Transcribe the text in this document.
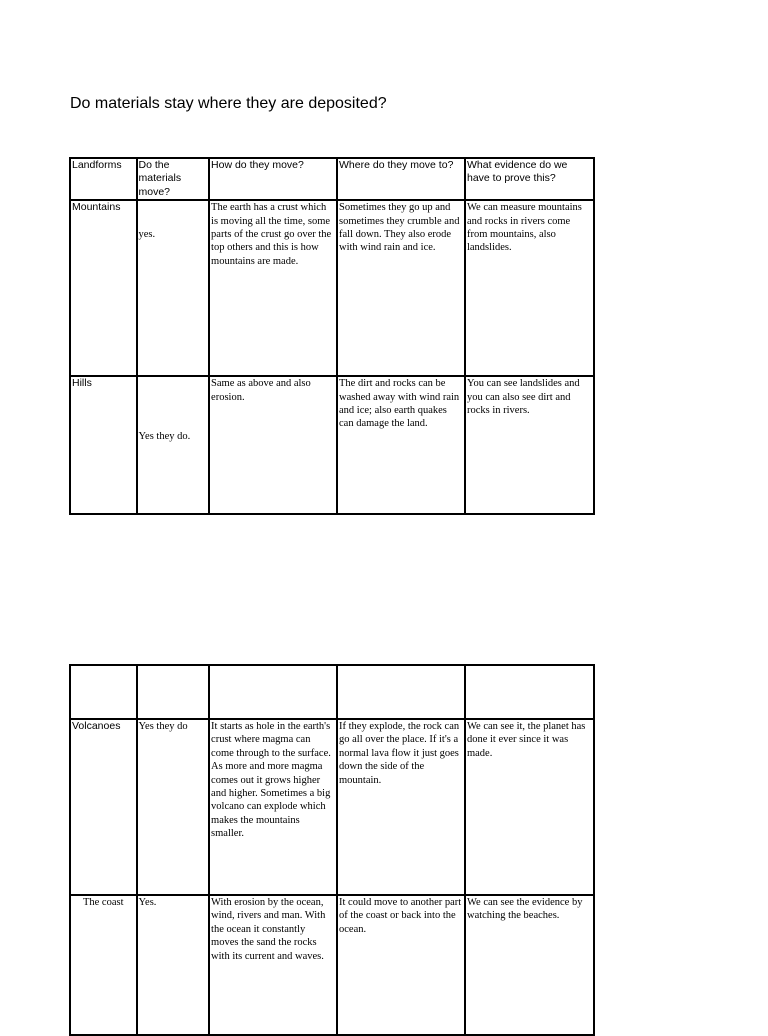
Do materials stay where they are deposited?
Landforms	Do the materials move?	How do they move?	Where do they move to?	What evidence do we have to prove this?
Mountains	yes.	The earth has a crust which is moving all the time, some parts of the crust go over the top others and this is how mountains are made.	Sometimes they go up and sometimes they crumble and fall down. They also erode with wind rain and ice.	We can measure mountains and rocks in rivers come from mountains, also landslides.
Hills	Yes they do.	Same as above and also erosion.	The dirt and rocks can be washed away with wind rain and ice; also earth quakes can damage the land.	You can see landslides and you can also see dirt and rocks in rivers.

Volcanoes	Yes they do	It starts as hole in the earth's crust where magma can come through to the surface. As more and more magma comes out it grows higher and higher. Sometimes a big volcano can explode which makes the mountains smaller.	If they explode, the rock can go all over the place. If it's a normal lava flow it just goes down the side of the mountain.	We can see it, the planet has done it ever since it was made.
The coast	Yes.	With erosion by the ocean, wind, rivers and man. With the ocean it constantly moves the sand the rocks with its current and waves.	It could move to another part of the coast or back into the ocean.	We can see the evidence by watching the beaches.
